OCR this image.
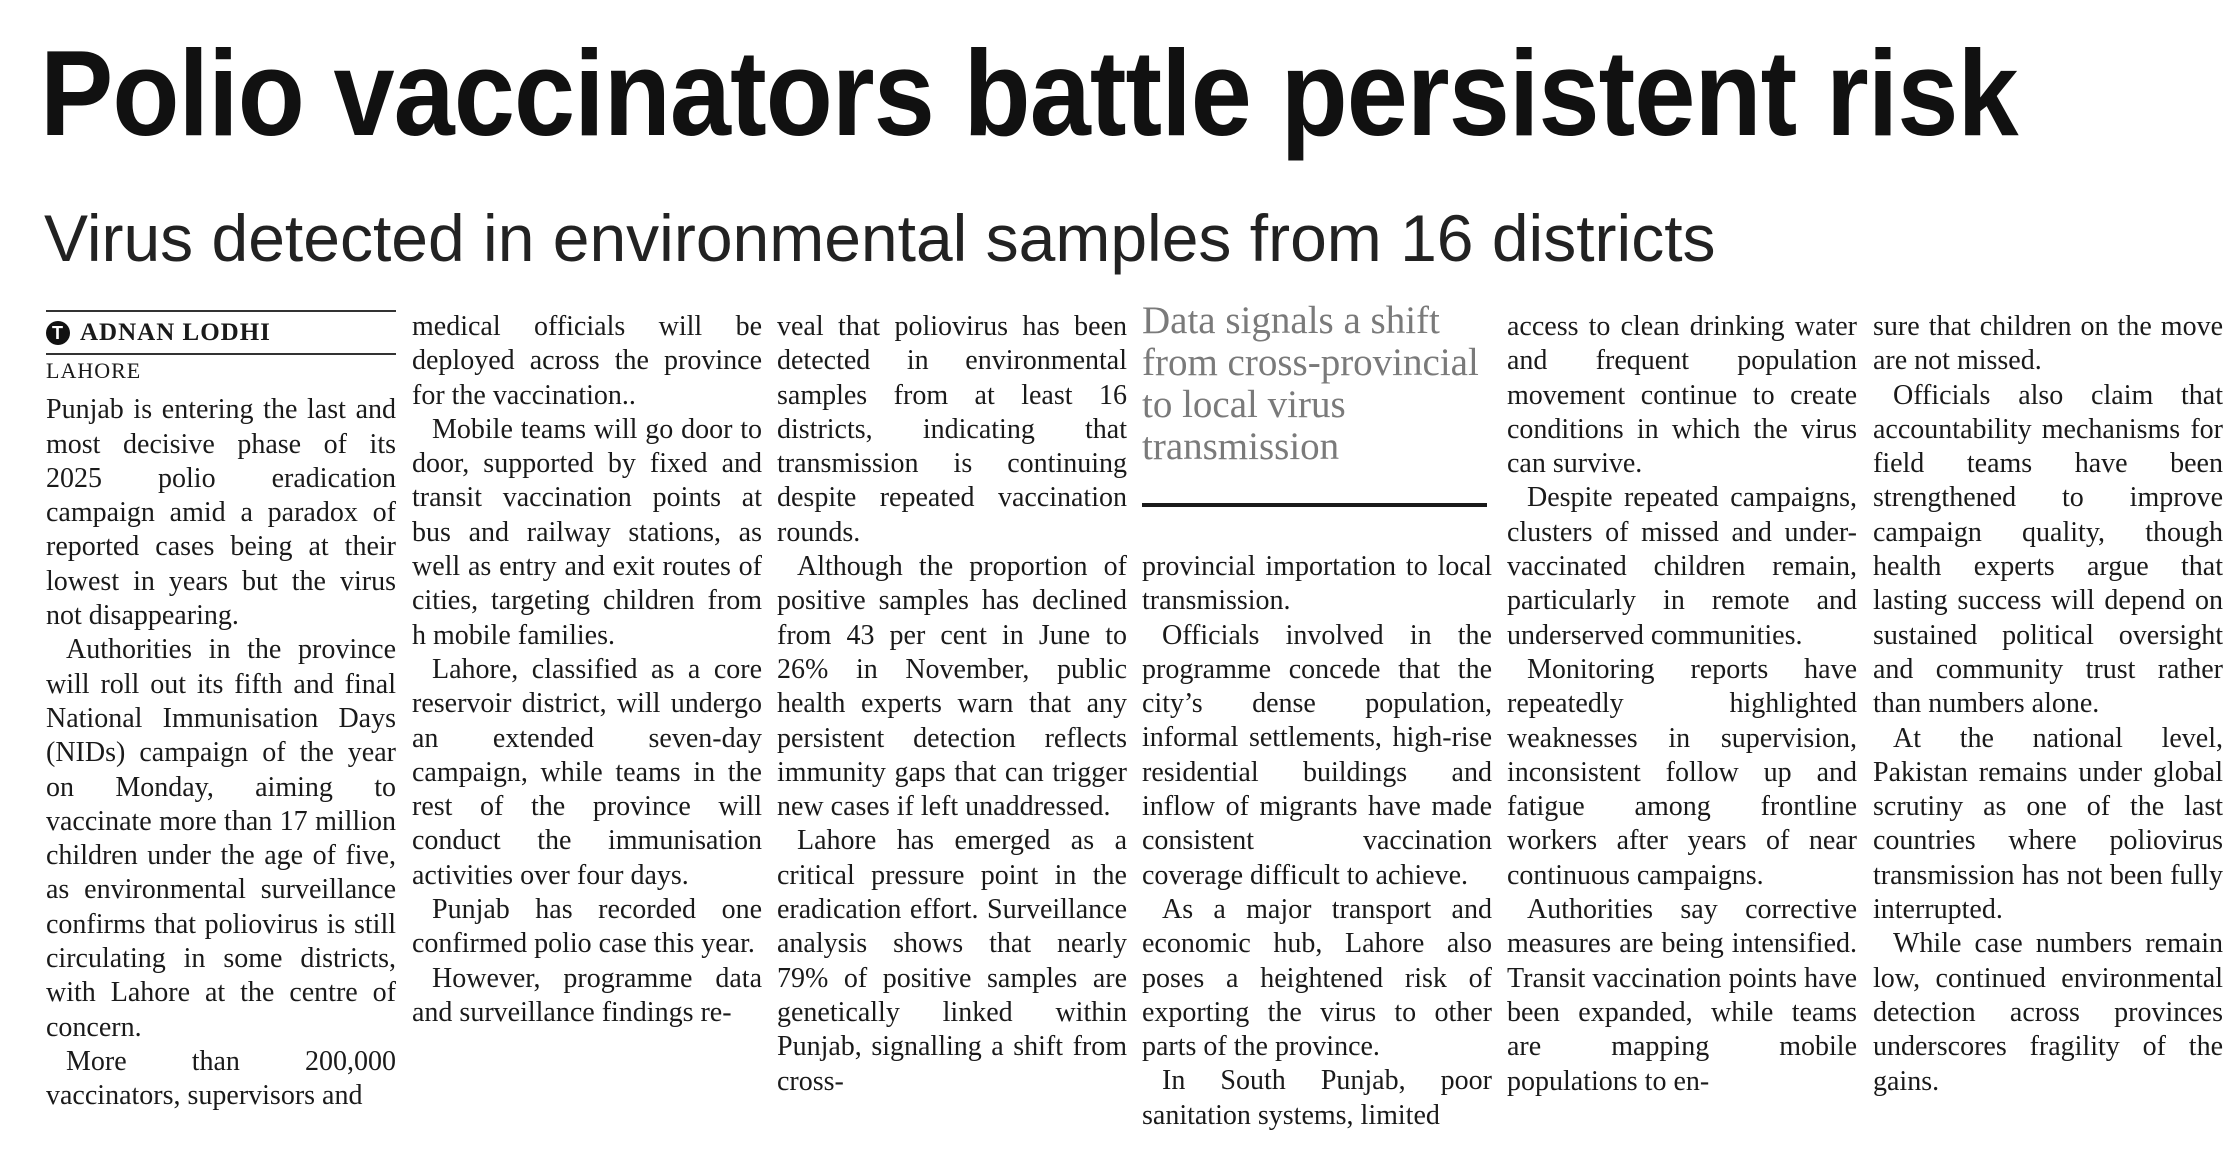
Polio vaccinators battle persistent risk
Virus detected in environmental samples from 16 districts
T ADNAN LODHI
LAHORE

Punjab is entering the last and most decisive phase of its 2025 polio eradication campaign amid a paradox of reported cases being at their lowest in years but the virus not disappearing.

Authorities in the province will roll out its fifth and final National Immunisation Days (NIDs) campaign of the year on Monday, aiming to vaccinate more than 17 million children under the age of five, as environmental surveillance confirms that poliovirus is still circulating in some districts, with Lahore at the centre of concern.

More than 200,000 vaccinators, supervisors and

medical officials will be deployed across the province for the vaccination..

Mobile teams will go door to door, supported by fixed and transit vaccination points at bus and railway stations, as well as entry and exit routes of cities, targeting children from h mobile families.

Lahore, classified as a core reservoir district, will undergo an extended seven-day campaign, while teams in the rest of the province will conduct the immunisation activities over four days.

Punjab has recorded one confirmed polio case this year.

However, programme data and surveillance findings re-

veal that poliovirus has been detected in environmental samples from at least 16 districts, indicating that transmission is continuing despite repeated vaccination rounds.

Although the proportion of positive samples has declined from 43 per cent in June to 26% in November, public health experts warn that any persistent detection reflects immunity gaps that can trigger new cases if left unaddressed.

Lahore has emerged as a critical pressure point in the eradication effort. Surveillance analysis shows that nearly 79% of positive samples are genetically linked within Punjab, signalling a shift from cross-

Data signals a shift from cross-provincial to local virus transmission

provincial importation to local transmission.

Officials involved in the programme concede that the city’s dense population, informal settlements, high-rise residential buildings and inflow of migrants have made consistent vaccination coverage difficult to achieve.

As a major transport and economic hub, Lahore also poses a heightened risk of exporting the virus to other parts of the province.

In South Punjab, poor sanitation systems, limited

access to clean drinking water and frequent population movement continue to create conditions in which the virus can survive.

Despite repeated campaigns, clusters of missed and under-vaccinated children remain, particularly in remote and underserved communities.

Monitoring reports have repeatedly highlighted weaknesses in supervision, inconsistent follow up and fatigue among frontline workers after years of near continuous campaigns.

Authorities say corrective measures are being intensified. Transit vaccination points have been expanded, while teams are mapping mobile populations to en-

sure that children on the move are not missed.

Officials also claim that accountability mechanisms for field teams have been strengthened to improve campaign quality, though health experts argue that lasting success will depend on sustained political oversight and community trust rather than numbers alone.

At the national level, Pakistan remains under global scrutiny as one of the last countries where poliovirus transmission has not been fully interrupted.

While case numbers remain low, continued environmental detection across provinces underscores fragility of the gains.
